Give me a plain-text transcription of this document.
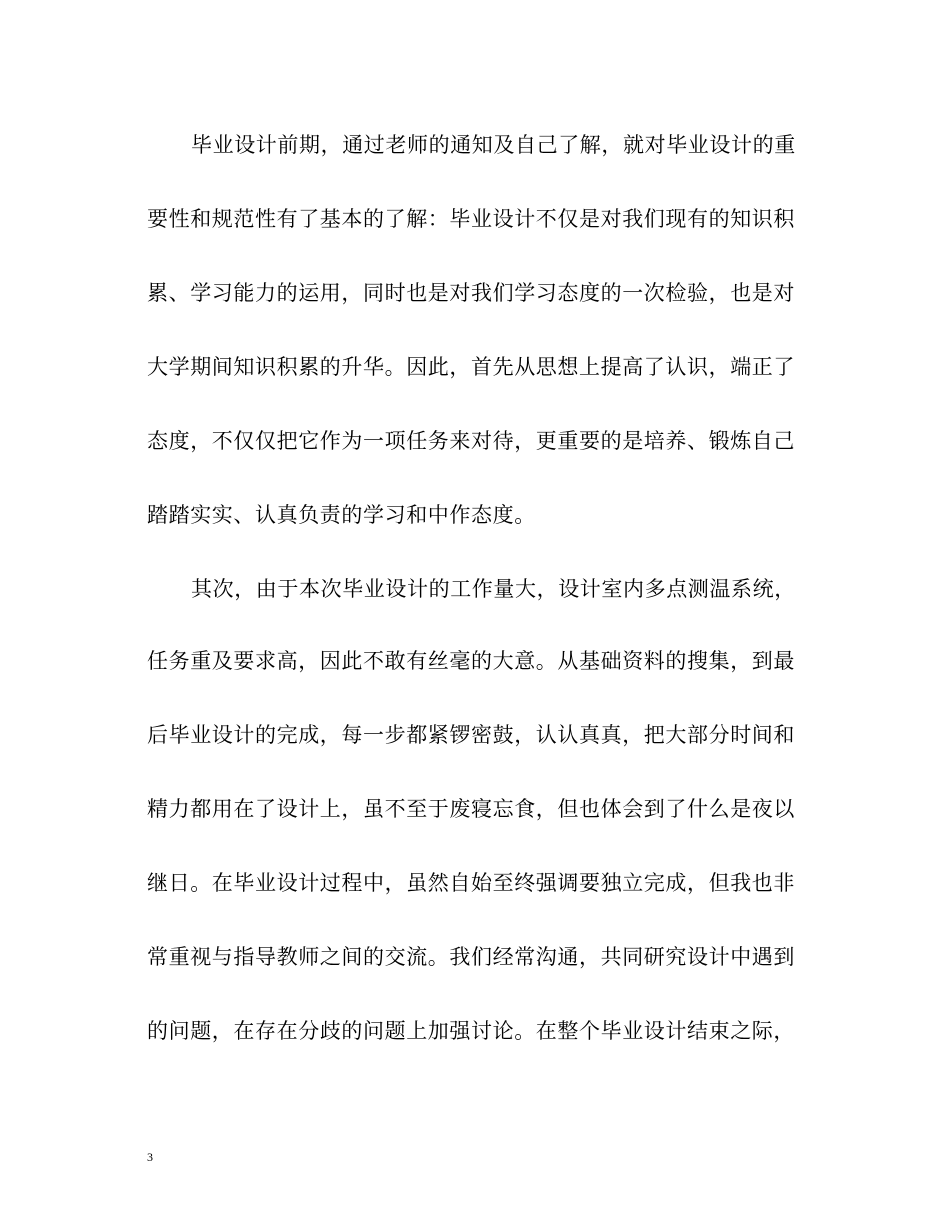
毕业设计前期，通过老师的通知及自己了解，就对毕业设计的重
要性和规范性有了基本的了解：毕业设计不仅是对我们现有的知识积
累、学习能力的运用，同时也是对我们学习态度的一次检验，也是对
大学期间知识积累的升华。因此，首先从思想上提高了认识，端正了
态度，不仅仅把它作为一项任务来对待，更重要的是培养、锻炼自己
踏踏实实、认真负责的学习和中作态度。
其次，由于本次毕业设计的工作量大，设计室内多点测温系统，
任务重及要求高，因此不敢有丝毫的大意。从基础资料的搜集，到最
后毕业设计的完成，每一步都紧锣密鼓，认认真真，把大部分时间和
精力都用在了设计上，虽不至于废寝忘食，但也体会到了什么是夜以
继日。在毕业设计过程中，虽然自始至终强调要独立完成，但我也非
常重视与指导教师之间的交流。我们经常沟通，共同研究设计中遇到
的问题，在存在分歧的问题上加强讨论。在整个毕业设计结束之际，
3
